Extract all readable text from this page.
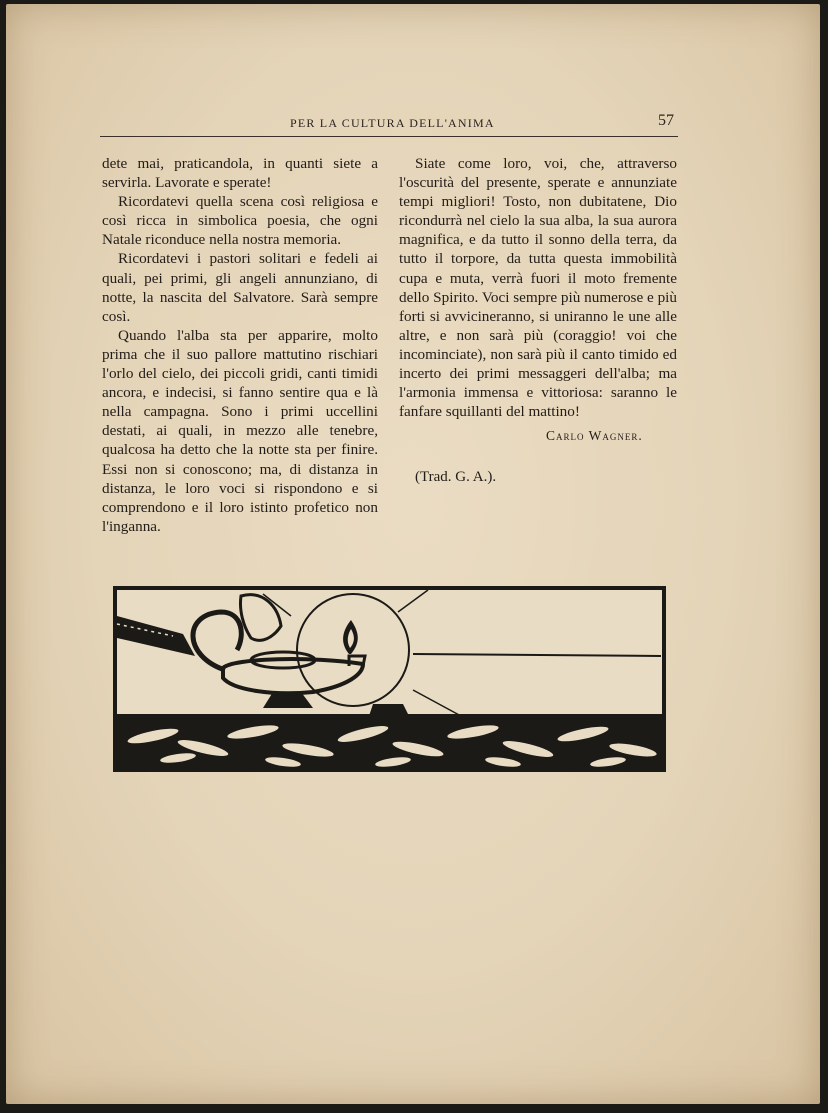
PER LA CULTURA DELL'ANIMA	57

dete mai, praticandola, in quanti siete a servirla. Lavorate e sperate!

Ricordatevi quella scena così religiosa e così ricca in simbolica poesia, che ogni Natale riconduce nella nostra memoria.

Ricordatevi i pastori solitari e fedeli ai quali, pei primi, gli angeli annunziano, di notte, la nascita del Salvatore. Sarà sempre così.

Quando l'alba sta per apparire, molto prima che il suo pallore mattutino rischiari l'orlo del cielo, dei piccoli gridi, canti timidi ancora, e indecisi, si fanno sentire qua e là nella campagna. Sono i primi uccellini destati, ai quali, in mezzo alle tenebre, qualcosa ha detto che la notte sta per finire. Essi non si conoscono; ma, di distanza in distanza, le loro voci si rispondono e si comprendono e il loro istinto profetico non l'inganna.

Siate come loro, voi, che, attraverso l'oscurità del presente, sperate e annunziate tempi migliori! Tosto, non dubitatene, Dio ricondurrà nel cielo la sua alba, la sua aurora magnifica, e da tutto il sonno della terra, da tutto il torpore, da tutta questa immobilità cupa e muta, verrà fuori il moto fremente dello Spirito. Voci sempre più numerose e più forti si avvicineranno, si uniranno le une alle altre, e non sarà più (coraggio! voi che incominciate), non sarà più il canto timido ed incerto dei primi messaggeri dell'alba; ma l'armonia immensa e vittoriosa: saranno le fanfare squillanti del mattino!

Carlo Wagner.
(Trad. G. A.).
